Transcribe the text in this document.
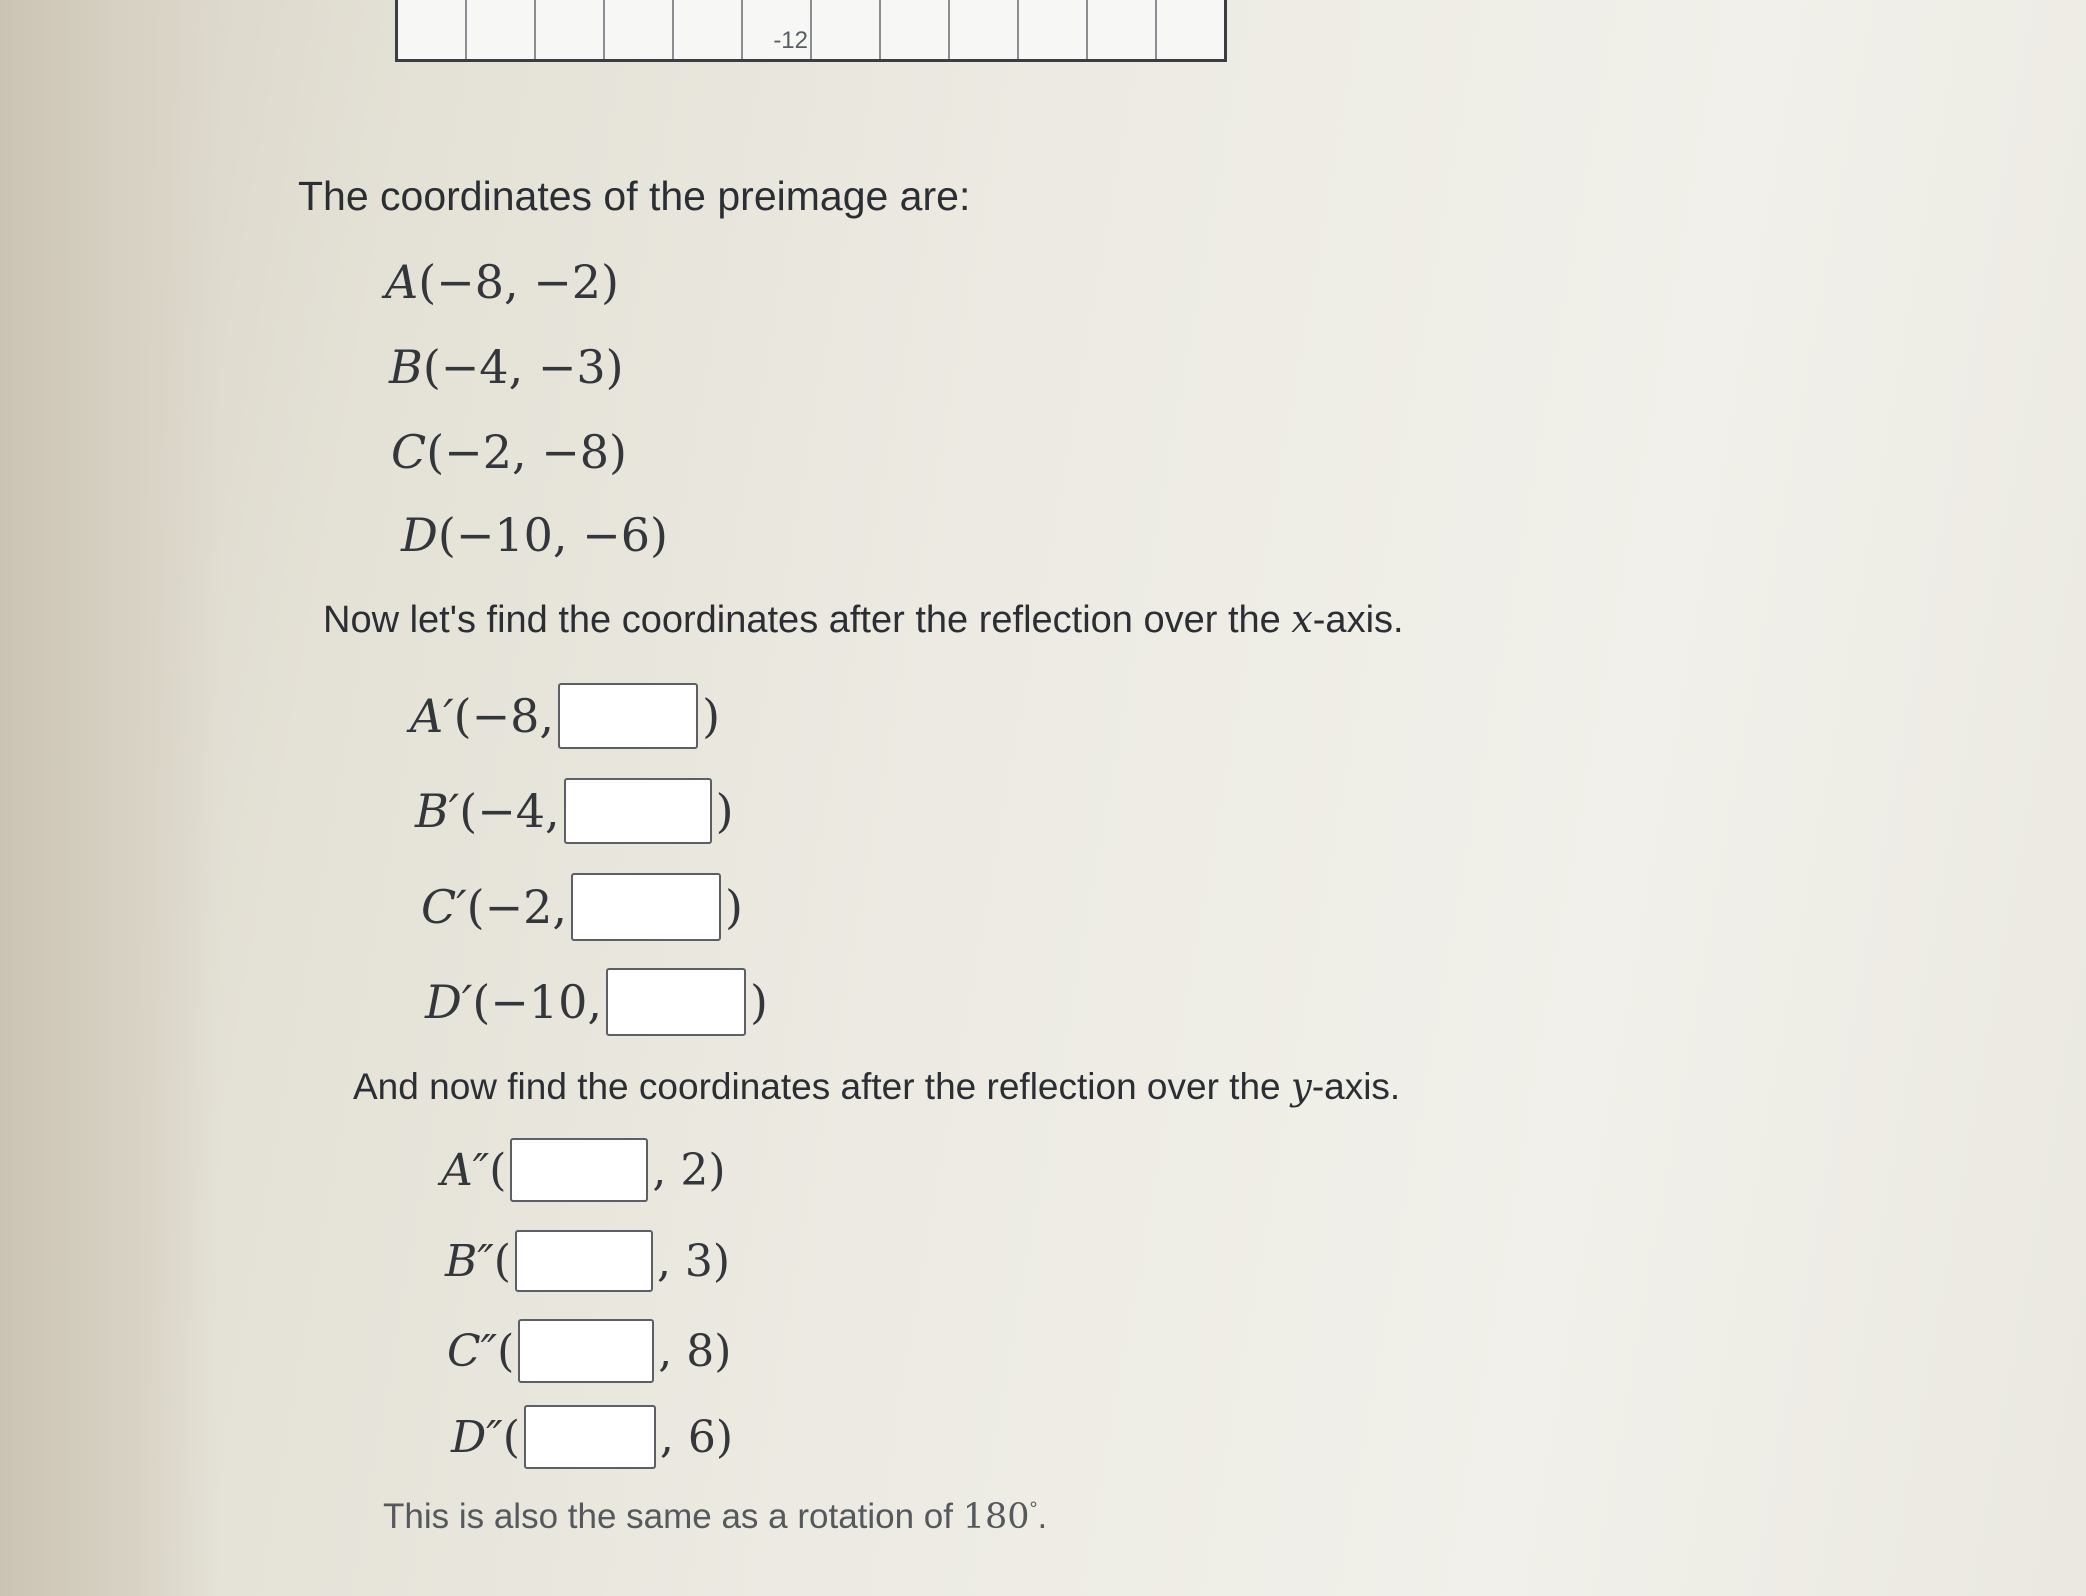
-12
The coordinates of the preimage are:
A (−8, −2)
B (−4, −3)
C (−2, −8)
D (−10, −6)
Now let's find the coordinates after the reflection over the x-axis.
A′ (−8,	)
B′ (−4,	)
C′ (−2,	)
D′ (−10,	)
And now find the coordinates after the reflection over the y-axis.
A″ (	, 2)
B″ (	, 3)
C″ (	, 8)
D″ (	, 6)
This is also the same as a rotation of 180°.
